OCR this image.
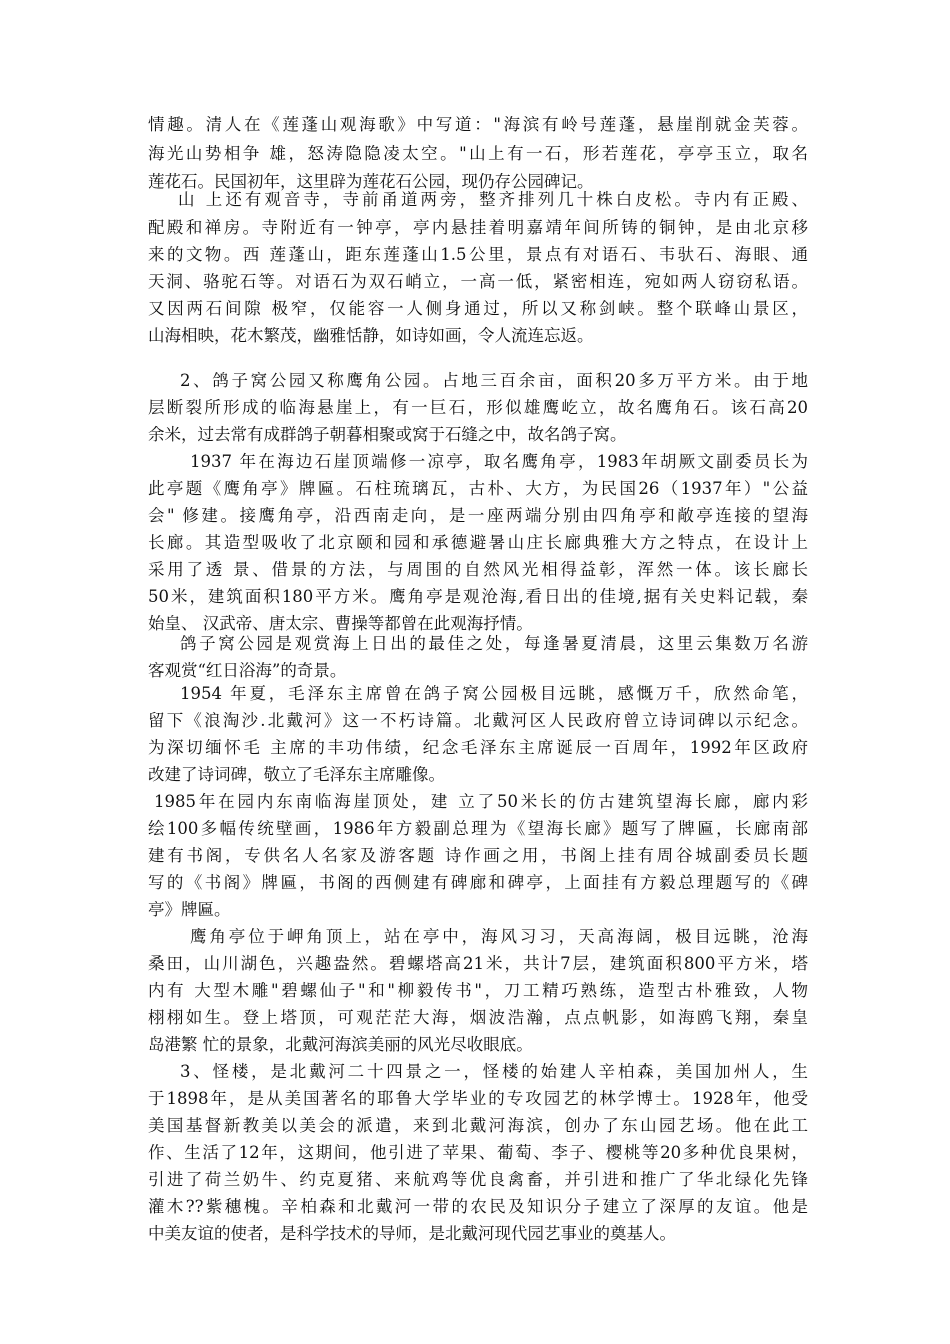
情趣。清人在《莲蓬山观海歌》中写道："海滨有岭号莲蓬，悬崖削就金芙蓉。
海光山势相争 雄，怒涛隐隐凌太空。"山上有一石，形若莲花，亭亭玉立，取名
莲花石。民国初年，这里辟为莲花石公园，现仍存公园碑记。
山 上还有观音寺，寺前甬道两旁，整齐排列几十株白皮松。寺内有正殿、
配殿和禅房。寺附近有一钟亭，亭内悬挂着明嘉靖年间所铸的铜钟，是由北京移
来的文物。西 莲蓬山，距东莲蓬山1.5公里，景点有对语石、韦驮石、海眼、通
天洞、骆驼石等。对语石为双石峭立，一高一低，紧密相连，宛如两人窃窃私语。
又因两石间隙 极窄，仅能容一人侧身通过，所以又称剑峡。整个联峰山景区，
山海相映，花木繁茂，幽雅恬静，如诗如画，令人流连忘返。
2、鸽子窝公园又称鹰角公园。占地三百余亩，面积20多万平方米。由于地
层断裂所形成的临海悬崖上，有一巨石，形似雄鹰屹立，故名鹰角石。该石高20
余米，过去常有成群鸽子朝暮相聚或窝于石缝之中，故名鸽子窝。
1937 年在海边石崖顶端修一凉亭，取名鹰角亭，1983年胡厥文副委员长为
此亭题《鹰角亭》牌匾。石柱琉璃瓦，古朴、大方，为民国26（1937年）"公益
会" 修建。接鹰角亭，沿西南走向，是一座两端分别由四角亭和敞亭连接的望海
长廊。其造型吸收了北京颐和园和承德避暑山庄长廊典雅大方之特点，在设计上
采用了透 景、借景的方法，与周围的自然风光相得益彰，浑然一体。该长廊长
50米，建筑面积180平方米。鹰角亭是观沧海,看日出的佳境,据有关史料记载，秦
始皇、 汉武帝、唐太宗、曹操等都曾在此观海抒情。
鸽子窝公园是观赏海上日出的最佳之处，每逢暑夏清晨，这里云集数万名游
客观赏“红日浴海”的奇景。
1954 年夏，毛泽东主席曾在鸽子窝公园极目远眺，感慨万千，欣然命笔，
留下《浪淘沙.北戴河》这一不朽诗篇。北戴河区人民政府曾立诗词碑以示纪念。
为深切缅怀毛 主席的丰功伟绩，纪念毛泽东主席诞辰一百周年，1992年区政府
改建了诗词碑，敬立了毛泽东主席雕像。
1985年在园内东南临海崖顶处，建 立了50米长的仿古建筑望海长廊，廊内彩
绘100多幅传统壁画，1986年方毅副总理为《望海长廊》题写了牌匾，长廊南部
建有书阁，专供名人名家及游客题 诗作画之用，书阁上挂有周谷城副委员长题
写的《书阁》牌匾，书阁的西侧建有碑廊和碑亭，上面挂有方毅总理题写的《碑
亭》牌匾。
鹰角亭位于岬角顶上，站在亭中，海风习习，天高海阔，极目远眺，沧海
桑田，山川湖色，兴趣盎然。碧螺塔高21米，共计7层，建筑面积800平方米，塔
内有 大型木雕"碧螺仙子"和"柳毅传书"，刀工精巧熟练，造型古朴雅致，人物
栩栩如生。登上塔顶，可观茫茫大海，烟波浩瀚，点点帆影，如海鸥飞翔，秦皇
岛港繁 忙的景象，北戴河海滨美丽的风光尽收眼底。
3、怪楼，是北戴河二十四景之一，怪楼的始建人辛柏森，美国加州人，生
于1898年，是从美国著名的耶鲁大学毕业的专攻园艺的林学博士。1928年，他受
美国基督新教美以美会的派遣，来到北戴河海滨，创办了东山园艺场。他在此工
作、生活了12年，这期间，他引进了苹果、葡萄、李子、樱桃等20多种优良果树，
引进了荷兰奶牛、约克夏猪、来航鸡等优良禽畜，并引进和推广了华北绿化先锋
灌木??紫穗槐。辛柏森和北戴河一带的农民及知识分子建立了深厚的友谊。他是
中美友谊的使者，是科学技术的导师，是北戴河现代园艺事业的奠基人。
